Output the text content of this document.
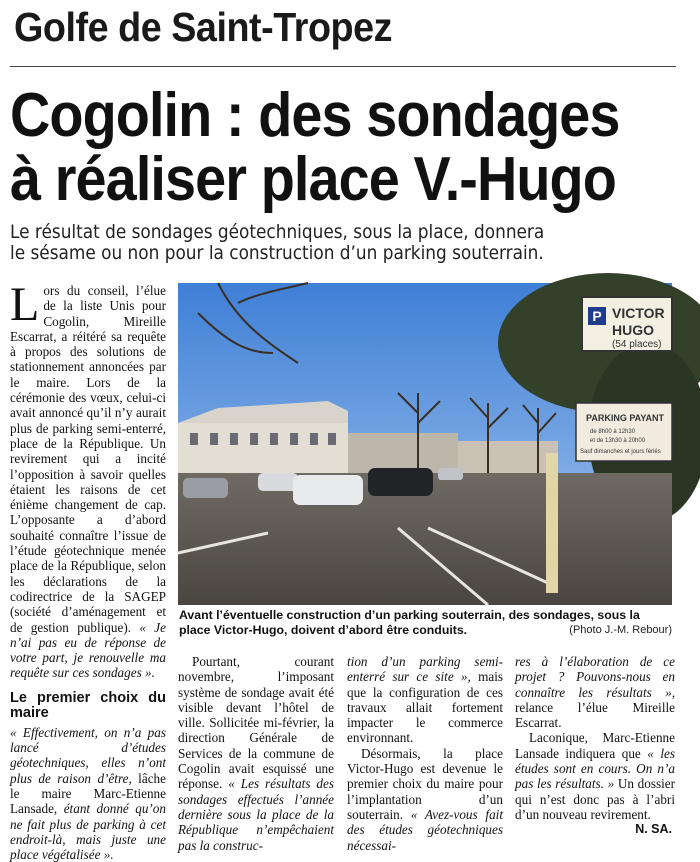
Golfe de Saint-Tropez
Cogolin : des sondages
à réaliser place V.-Hugo
Le résultat de sondages géotechniques, sous la place, donnera
le sésame ou non pour la construction d’un parking souterrain.

Lors du conseil, l’élue de la liste Unis pour Cogolin, Mireille Escarrat, a réitéré sa requête à propos des solutions de stationnement annoncées par le maire. Lors de la cérémonie des vœux, celui-ci avait annoncé qu’il n’y aurait plus de parking semi-enterré, place de la République. Un revirement qui a incité l’opposition à savoir quelles étaient les raisons de cet énième changement de cap. L’opposante a d’abord souhaité connaître l’issue de l’étude géotechnique menée place de la République, selon les déclarations de la codirectrice de la SAGEP (société d’aménagement et de gestion publique). « Je n’ai pas eu de réponse de votre part, je renouvelle ma requête sur ces sondages ».

Le premier choix du maire

« Effectivement, on n’a pas lancé d’études géotechniques, elles n’ont plus de raison d’être, lâche le maire Marc-Etienne Lansade, étant donné qu’on ne fait plus de parking à cet endroit-là, mais juste une place végétalisée ».

P VICTOR
HUGO
(54 places)
PARKING PAYANT
de 8h00 à 12h30
et de 13h30 à 20h00
Sauf dimanches et jours fériés
Avant l’éventuelle construction d’un parking souterrain, des sondages, sous la
place Victor-Hugo, doivent d’abord être conduits.	(Photo J.-M. Rebour)

Pourtant, courant novembre, l’imposant système de sondage avait été visible devant l’hôtel de ville. Sollicitée mi-février, la direction Générale de Services de la commune de Cogolin avait esquissé une réponse. « Les résultats des sondages effectués l’année dernière sous la place de la République n’empêchaient pas la construc-

tion d’un parking semi-enterré sur ce site », mais que la configuration de ces travaux allait fortement impacter le commerce environnant.

Désormais, la place Victor-Hugo est devenue le premier choix du maire pour l’implantation d’un souterrain. « Avez-vous fait des études géotechniques nécessai-

res à l’élaboration de ce projet ? Pouvons-nous en connaître les résultats », relance l’élue Mireille Escarrat.

Laconique, Marc-Etienne Lansade indiquera que « les études sont en cours. On n’a pas les résultats. » Un dossier qui n’est donc pas à l’abri d’un nouveau revirement.

N. SA.
